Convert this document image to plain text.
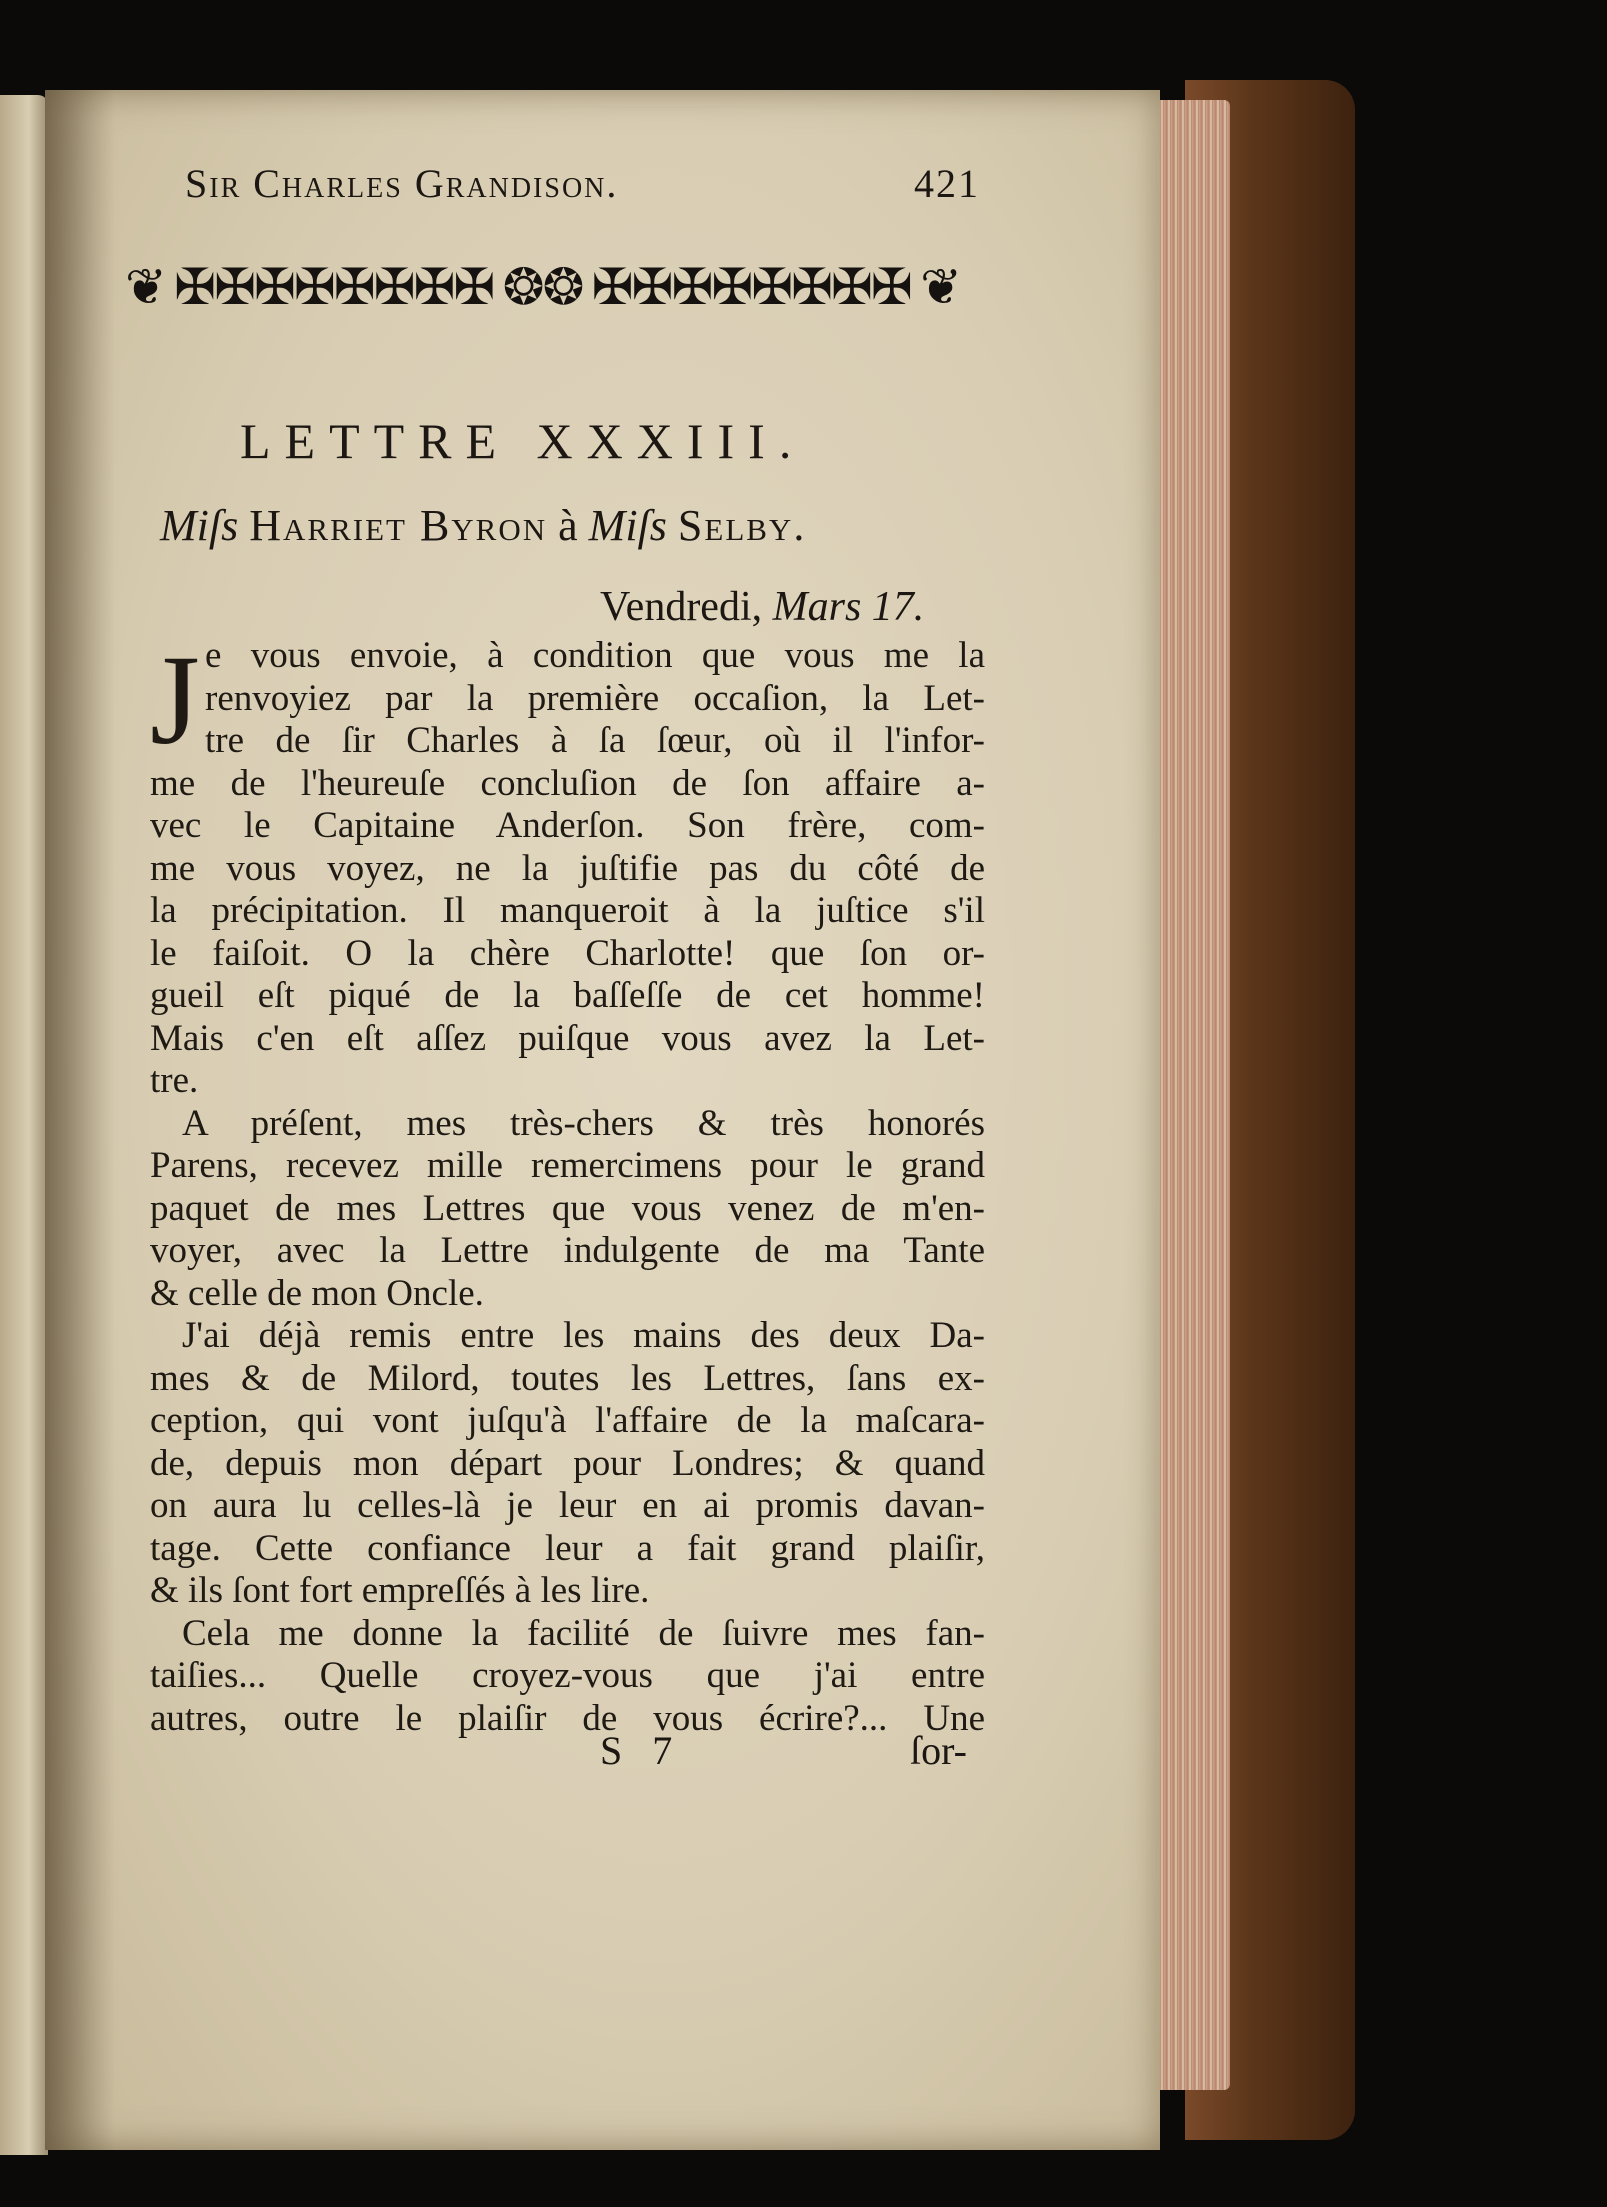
Sir Charles Grandison.	421
❦ ✠✠✠✠✠✠✠✠ ❂❂ ✠✠✠✠✠✠✠✠ ❦
LETTRE XXXIII.
Miſs Harriet Byron à Miſs Selby.
Vendredi, Mars 17.
J e vous envoie, à condition que vous me la
renvoyiez par la première occaſion, la Let-
tre de ſir Charles à ſa ſœur, où il l'infor-
me de l'heureuſe concluſion de ſon affaire a-
vec le Capitaine Anderſon. Son frère, com-
me vous voyez, ne la juſtifie pas du côté de
la précipitation. Il manqueroit à la juſtice s'il
le faiſoit. O la chère Charlotte! que ſon or-
gueil eſt piqué de la baſſeſſe de cet homme!
Mais c'en eſt aſſez puiſque vous avez la Let-
tre.
A préſent, mes très-chers & très honorés
Parens, recevez mille remercimens pour le grand
paquet de mes Lettres que vous venez de m'en-
voyer, avec la Lettre indulgente de ma Tante
& celle de mon Oncle.
J'ai déjà remis entre les mains des deux Da-
mes & de Milord, toutes les Lettres, ſans ex-
ception, qui vont juſqu'à l'affaire de la maſcara-
de, depuis mon départ pour Londres; & quand
on aura lu celles-là je leur en ai promis davan-
tage. Cette confiance leur a fait grand plaiſir,
& ils ſont fort empreſſés à les lire.
Cela me donne la facilité de ſuivre mes fan-
taiſies... Quelle croyez-vous que j'ai entre
autres, outre le plaiſir de vous écrire?... Une
S 7	ſor-
